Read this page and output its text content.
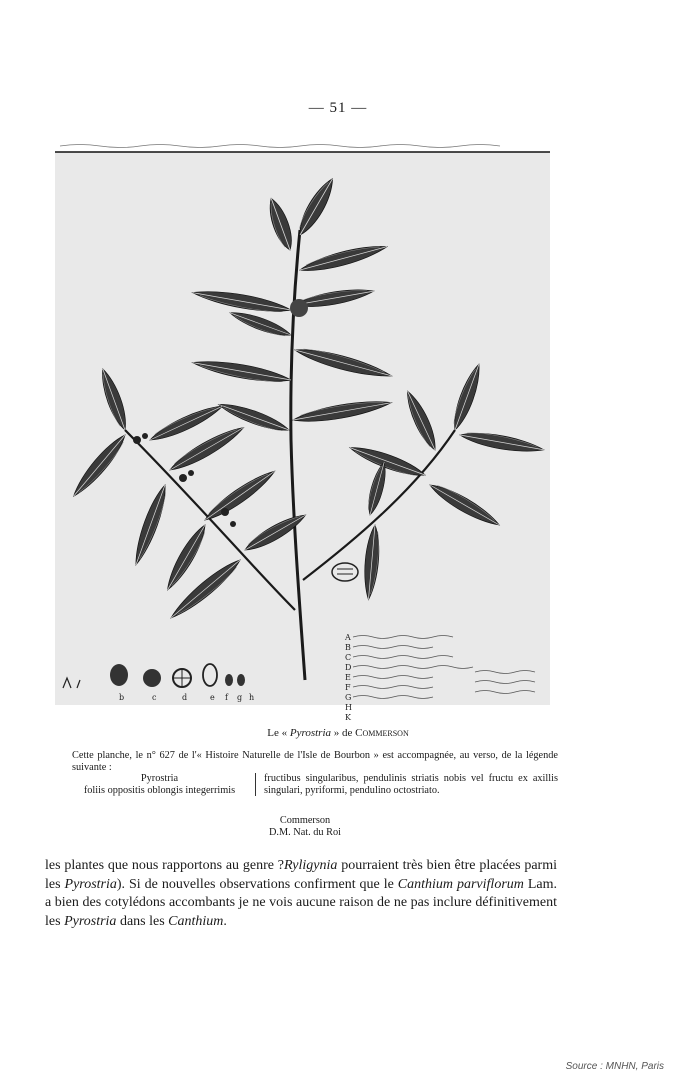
— 51 —
A
B
C
D
E
F
G
H
K
b	c	d	e f g h
Le « Pyrostria » de Commerson

Cette planche, le n° 627 de l'« Histoire Naturelle de l'Isle de Bourbon » est accompagnée, au verso, de la légende suivante :

Pyrostria
foliis oppositis oblongis integerrimis
fructibus singularibus, pendulinis striatis nobis vel fructu ex axillis singulari, pyriformi, pendulino octostriato.
Commerson
D.M. Nat. du Roi
les plantes que nous rapportons au genre ?Ryligynia pourraient très bien être placées parmi les Pyrostria). Si de nouvelles observations confirment que le Canthium parviflorum Lam. a bien des cotylédons accombants je ne vois aucune raison de ne pas inclure définitivement les Pyrostria dans les Canthium.
Source : MNHN, Paris
